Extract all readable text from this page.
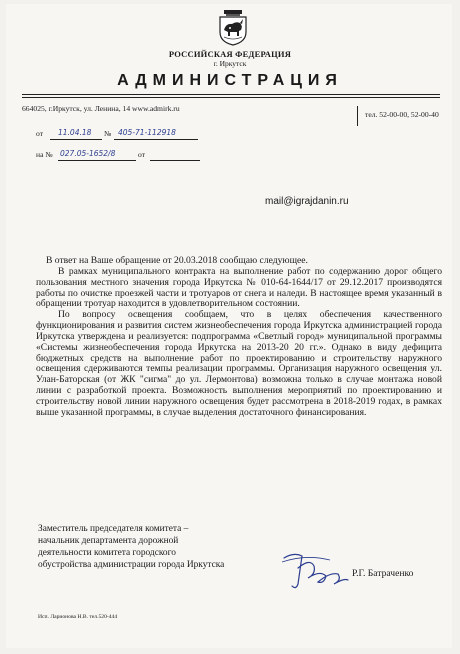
РОССИЙСКАЯ ФЕДЕРАЦИЯ
г. Иркутск
АДМИНИСТРАЦИЯ
664025, г.Иркутск, ул. Ленина, 14 www.admirk.ru
тел. 52-00-00, 52-00-40
от 11.04.18 № 405-71-112918
на № 027.05-1652/8	от
mail@igrajdanin.ru

В ответ на Ваше обращение от 20.03.2018 сообщаю следующее.

В рамках муниципального контракта на выполнение работ по содержанию дорог общего пользования местного значения города Иркутска № 010-64-1644/17 от 29.12.2017 производятся работы по очистке проезжей части и тротуаров от снега и наледи. В настоящее время указанный в обращении тротуар находится в удовлетворительном состоянии.

По вопросу освещения сообщаем, что в целях обеспечения качественного функционирования и развития систем жизнеобеспечения города Иркутска администрацией города Иркутска утверждена и реализуется: подпрограмма «Светлый город» муниципальной программы «Системы жизнеобеспечения города Иркутска на 2013-20 20 гг.». Однако в виду дефицита бюджетных средств на выполнение работ по проектированию и строительству наружного освещения сдерживаются темпы реализации программы. Организация наружного освещения ул. Улан-Баторская (от ЖК "сигма" до ул. Лермонтова) возможна только в случае монтажа новой линии с разработкой проекта. Возможность выполнения мероприятий по проектированию и строительству новой линии наружного освещения будет рассмотрена в 2018-2019 годах, в рамках выше указанной программы, в случае выделения достаточного финансирования.

Заместитель председателя комитета –
начальник департамента дорожной
деятельности комитета городского
обустройства администрации города Иркутска
Р.Г. Батраченко
Исп. Ларионова Н.В. тел.520-444
